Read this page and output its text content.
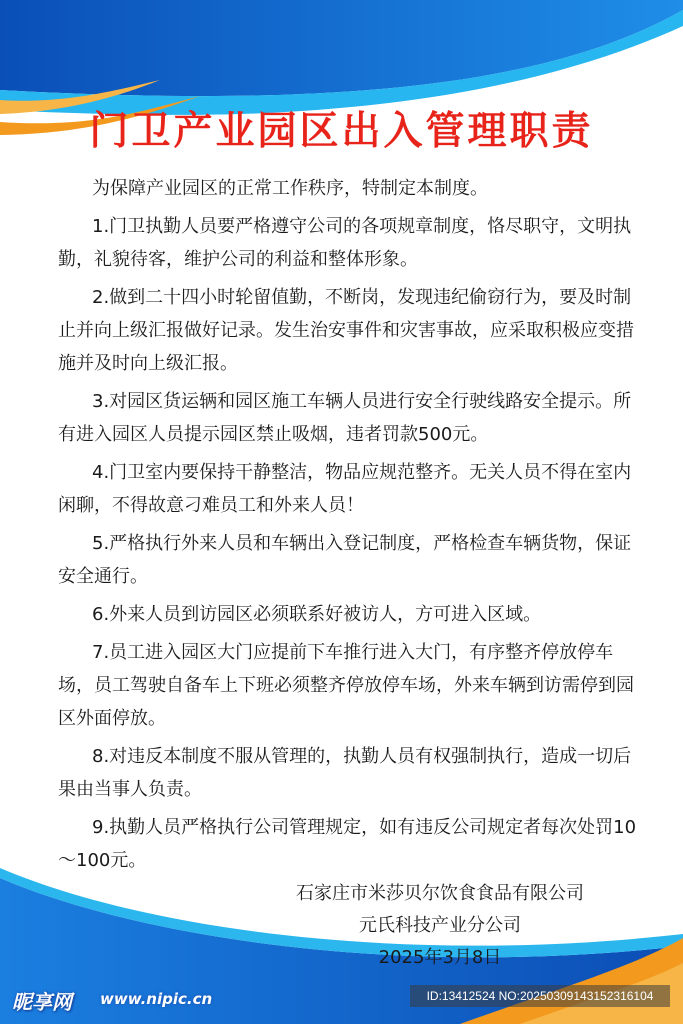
门卫产业园区出入管理职责

为保障产业园区的正常工作秩序，特制定本制度。

1.门卫执勤人员要严格遵守公司的各项规章制度，恪尽职守，文明执勤，礼貌待客，维护公司的利益和整体形象。

2.做到二十四小时轮留值勤，不断岗，发现违纪偷窃行为，要及时制止并向上级汇报做好记录。发生治安事件和灾害事故，应采取积极应变措施并及时向上级汇报。

3.对园区货运辆和园区施工车辆人员进行安全行驶线路安全提示。所有进入园区人员提示园区禁止吸烟，违者罚款500元。

4.门卫室内要保持干静整洁，物品应规范整齐。无关人员不得在室内闲聊，不得故意刁难员工和外来人员！

5.严格执行外来人员和车辆出入登记制度，严格检查车辆货物，保证安全通行。

6.外来人员到访园区必须联系好被访人，方可进入区域。

7.员工进入园区大门应提前下车推行进入大门，有序整齐停放停车场，员工驾驶自备车上下班必须整齐停放停车场，外来车辆到访需停到园区外面停放。

8.对违反本制度不服从管理的，执勤人员有权强制执行，造成一切后果由当事人负责。

9.执勤人员严格执行公司管理规定，如有违反公司规定者每次处罚10～100元。

石家庄市米莎贝尔饮食食品有限公司
元氏科技产业分公司
2025年3月8日
昵享网 www.nipic.cn	ID:13412524 NO:20250309143152316104
